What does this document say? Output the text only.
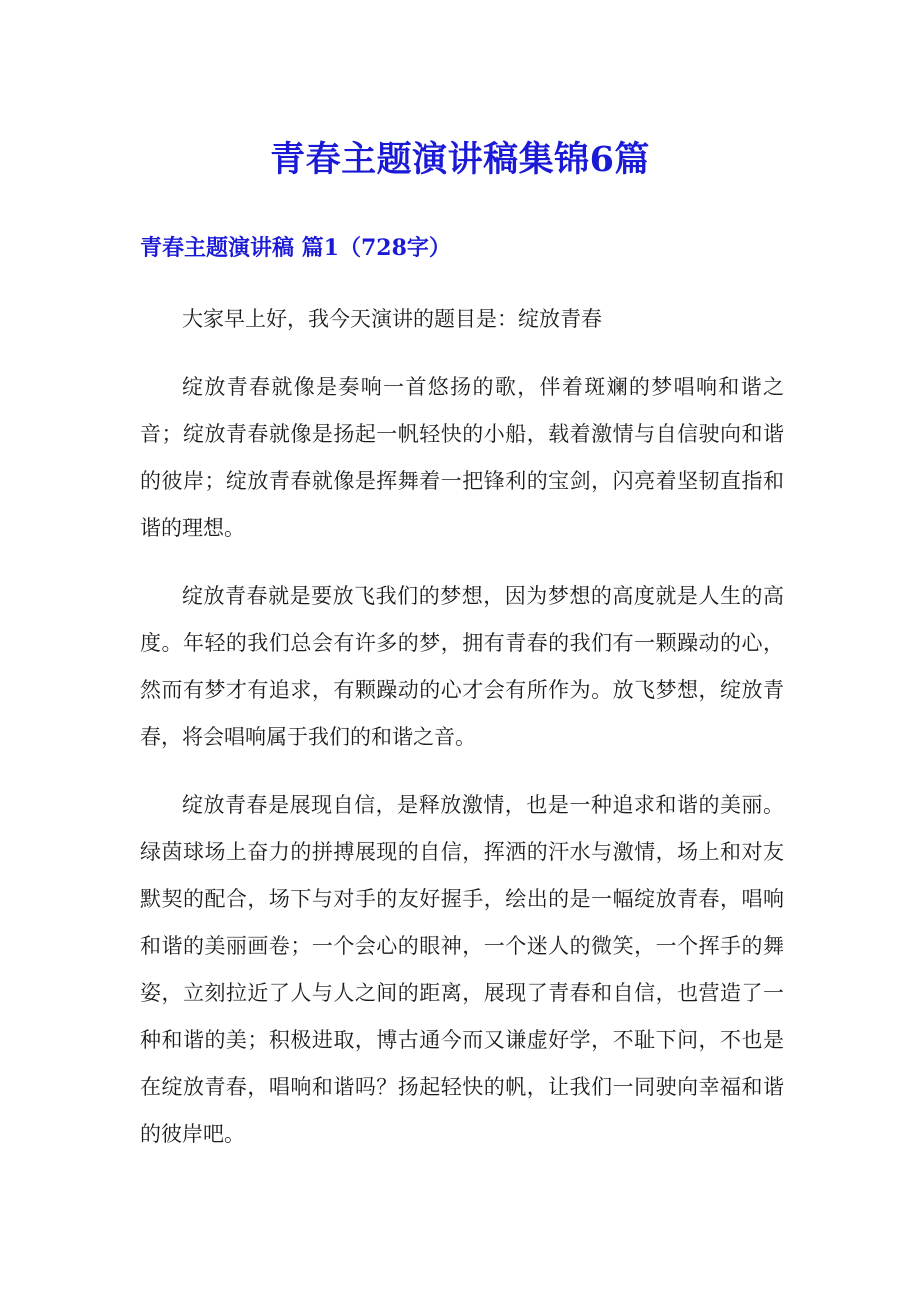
青春主题演讲稿集锦6篇
青春主题演讲稿 篇1（728字）

大家早上好，我今天演讲的题目是：绽放青春

绽放青春就像是奏响一首悠扬的歌，伴着斑斓的梦唱响和谐之音；绽放青春就像是扬起一帆轻快的小船，载着激情与自信驶向和谐的彼岸；绽放青春就像是挥舞着一把锋利的宝剑，闪亮着坚韧直指和谐的理想。

绽放青春就是要放飞我们的梦想，因为梦想的高度就是人生的高度。年轻的我们总会有许多的梦，拥有青春的我们有一颗躁动的心，然而有梦才有追求，有颗躁动的心才会有所作为。放飞梦想，绽放青春，将会唱响属于我们的和谐之音。

绽放青春是展现自信，是释放激情，也是一种追求和谐的美丽。绿茵球场上奋力的拼搏展现的自信，挥洒的汗水与激情，场上和对友默契的配合，场下与对手的友好握手，绘出的是一幅绽放青春，唱响和谐的美丽画卷；一个会心的眼神，一个迷人的微笑，一个挥手的舞姿，立刻拉近了人与人之间的距离，展现了青春和自信，也营造了一种和谐的美；积极进取，博古通今而又谦虚好学，不耻下问，不也是在绽放青春，唱响和谐吗？扬起轻快的帆，让我们一同驶向幸福和谐的彼岸吧。
